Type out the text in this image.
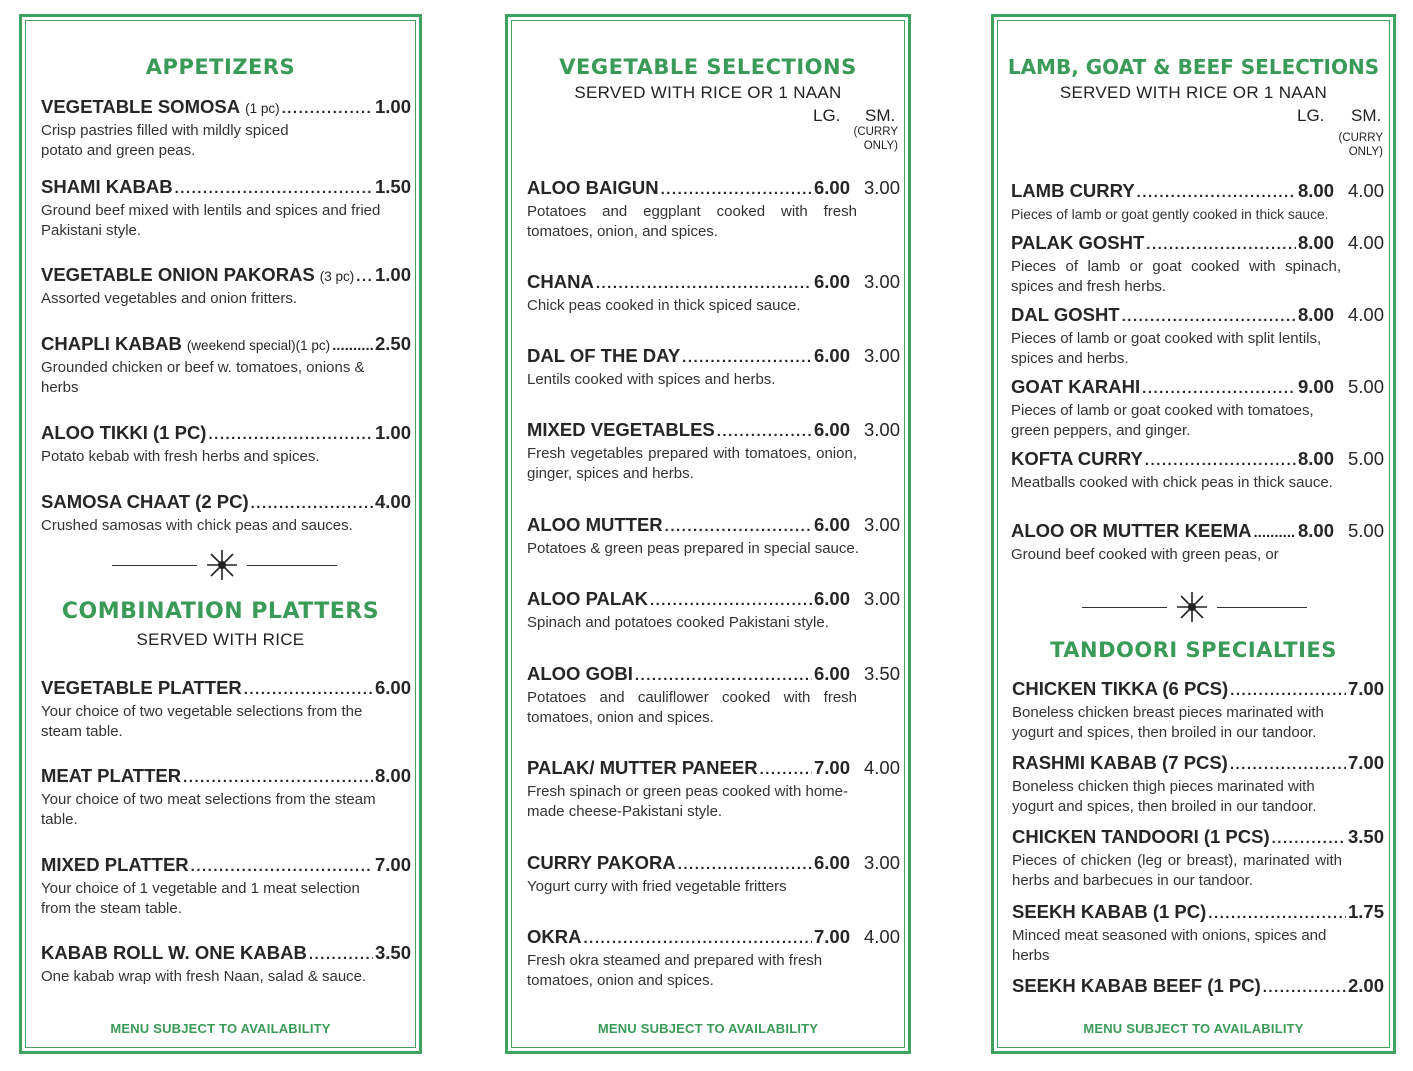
APPETIZERS
VEGETABLE SOMOSA (1 pc) .....	1.00
Crisp pastries filled with mildly spiced potato and green peas.
SHAMI KABAB .....	1.50
Ground beef mixed with lentils and spices and fried Pakistani style.
VEGETABLE ONION PAKORAS (3 pc) ..... 1.00
Assorted vegetables and onion fritters.
CHAPLI KABAB (weekend special)(1 pc) ..... 2.50
Grounded chicken or beef w. tomatoes, onions & herbs
ALOO TIKKI (1 PC) .....	1.00
Potato kebab with fresh herbs and spices.
SAMOSA CHAAT (2 PC) .....	4.00
Crushed samosas with chick peas and sauces.
COMBINATION PLATTERS
SERVED WITH RICE
VEGETABLE PLATTER .....	6.00
Your choice of two vegetable selections from the steam table.
MEAT PLATTER .....	8.00
Your choice of two meat selections from the steam table.
MIXED PLATTER .....	7.00
Your choice of 1 vegetable and 1 meat selection from the steam table.
KABAB ROLL W. ONE KABAB .....	3.50
One kabab wrap with fresh Naan, salad & sauce.
MENU SUBJECT TO AVAILABILITY
VEGETABLE SELECTIONS
SERVED WITH RICE OR 1 NAAN
LG. SM.
(CURRY
ONLY)
ALOO BAIGUN .....	6.00 3.00
Potatoes and eggplant cooked with fresh tomatoes, onion, and spices.
CHANA .....	6.00 3.00
Chick peas cooked in thick spiced sauce.
DAL OF THE DAY .....	6.00 3.00
Lentils cooked with spices and herbs.
MIXED VEGETABLES .....	6.00 3.00
Fresh vegetables prepared with tomatoes, onion, ginger, spices and herbs.
ALOO MUTTER .....	6.00 3.00
Potatoes & green peas prepared in special sauce.
ALOO PALAK .....	6.00 3.00
Spinach and potatoes cooked Pakistani style.
ALOO GOBI .....	6.00 3.50
Potatoes and cauliflower cooked with fresh tomatoes, onion and spices.
PALAK/ MUTTER PANEER .....	7.00 4.00
Fresh spinach or green peas cooked with home-made cheese-Pakistani style.
CURRY PAKORA .....	6.00 3.00
Yogurt curry with fried vegetable fritters
OKRA .....	7.00 4.00
Fresh okra steamed and prepared with fresh tomatoes, onion and spices.
MENU SUBJECT TO AVAILABILITY
LAMB, GOAT & BEEF SELECTIONS
SERVED WITH RICE OR 1 NAAN
LG. SM.
(CURRY
ONLY)
LAMB CURRY .....	8.00 4.00
Pieces of lamb or goat gently cooked in thick sauce.
PALAK GOSHT .....	8.00 4.00
Pieces of lamb or goat cooked with spinach, spices and fresh herbs.
DAL GOSHT .....	8.00 4.00
Pieces of lamb or goat cooked with split lentils, spices and herbs.
GOAT KARAHI .....	9.00 5.00
Pieces of lamb or goat cooked with tomatoes, green peppers, and ginger.
KOFTA CURRY .....	8.00 5.00
Meatballs cooked with chick peas in thick sauce.
ALOO OR MUTTER KEEMA .....	8.00 5.00
Ground beef cooked with green peas, or
TANDOORI SPECIALTIES
CHICKEN TIKKA (6 PCS) .....	7.00
Boneless chicken breast pieces marinated with yogurt and spices, then broiled in our tandoor.
RASHMI KABAB (7 PCS) .....	7.00
Boneless chicken thigh pieces marinated with yogurt and spices, then broiled in our tandoor.
CHICKEN TANDOORI (1 PCS) .....	3.50
Pieces of chicken (leg or breast), marinated with herbs and barbecues in our tandoor.
SEEKH KABAB (1 PC) .....	1.75
Minced meat seasoned with onions, spices and herbs
SEEKH KABAB BEEF (1 PC) .....	2.00
MENU SUBJECT TO AVAILABILITY
